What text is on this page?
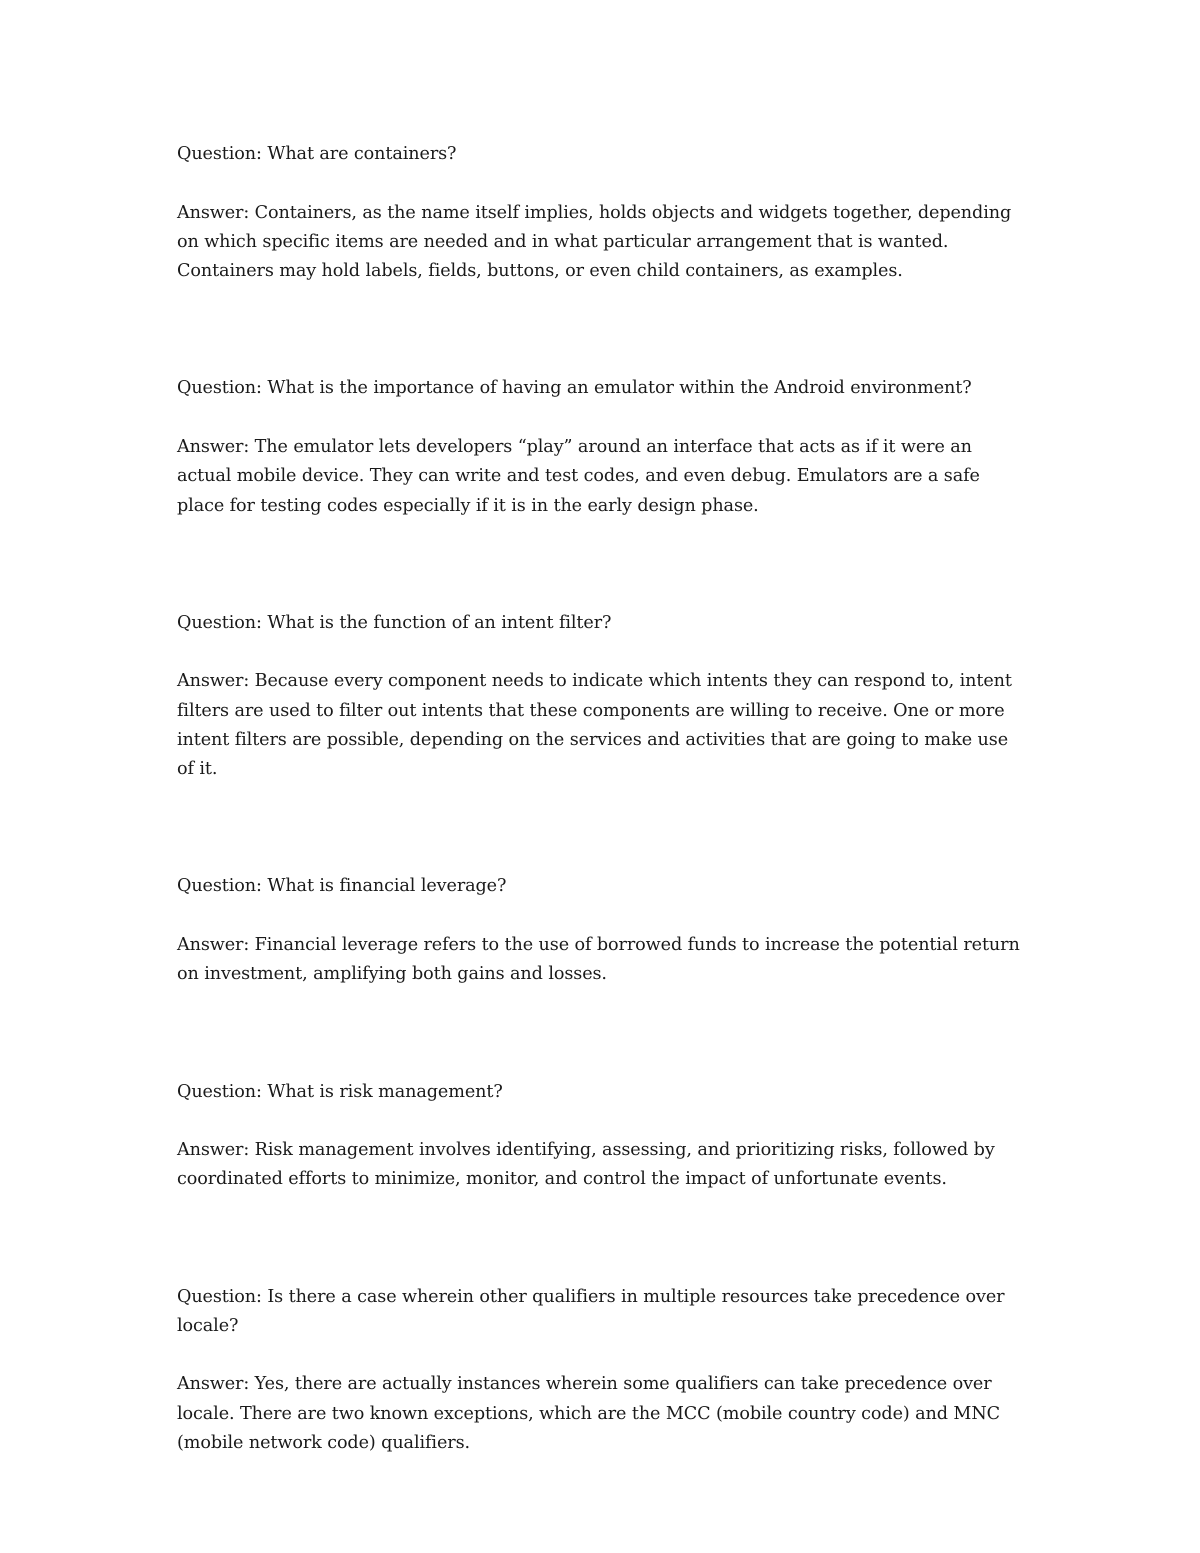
Question: What are containers?

Answer: Containers, as the name itself implies, holds objects and widgets together, depending on which specific items are needed and in what particular arrangement that is wanted. Containers may hold labels, fields, buttons, or even child containers, as examples.

Question: What is the importance of having an emulator within the Android environment?

Answer: The emulator lets developers “play” around an interface that acts as if it were an actual mobile device. They can write and test codes, and even debug. Emulators are a safe place for testing codes especially if it is in the early design phase.

Question: What is the function of an intent filter?

Answer: Because every component needs to indicate which intents they can respond to, intent filters are used to filter out intents that these components are willing to receive. One or more intent filters are possible, depending on the services and activities that are going to make use of it.

Question: What is financial leverage?

Answer: Financial leverage refers to the use of borrowed funds to increase the potential return on investment, amplifying both gains and losses.

Question: What is risk management?

Answer: Risk management involves identifying, assessing, and prioritizing risks, followed by coordinated efforts to minimize, monitor, and control the impact of unfortunate events.

Question: Is there a case wherein other qualifiers in multiple resources take precedence over locale?

Answer: Yes, there are actually instances wherein some qualifiers can take precedence over locale. There are two known exceptions, which are the MCC (mobile country code) and MNC (mobile network code) qualifiers.
